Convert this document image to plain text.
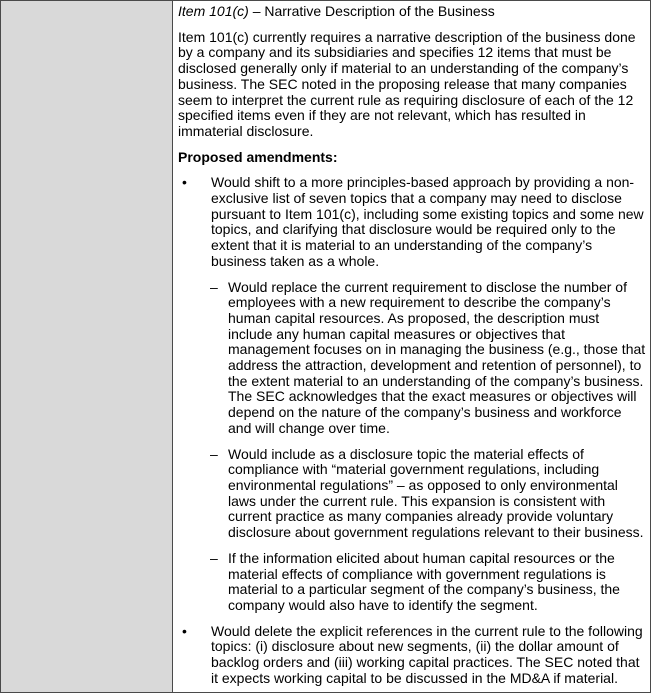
Item 101(c) – Narrative Description of the Business

Item 101(c) currently requires a narrative description of the business done by a company and its subsidiaries and specifies 12 items that must be disclosed generally only if material to an understanding of the company’s business. The SEC noted in the proposing release that many companies seem to interpret the current rule as requiring disclosure of each of the 12 specified items even if they are not relevant, which has resulted in immaterial disclosure.

Proposed amendments:

• Would shift to a more principles-based approach by providing a non-exclusive list of seven topics that a company may need to disclose pursuant to Item 101(c), including some existing topics and some new topics, and clarifying that disclosure would be required only to the extent that it is material to an understanding of the company’s business taken as a whole.
– Would replace the current requirement to disclose the number of employees with a new requirement to describe the company’s human capital resources. As proposed, the description must include any human capital measures or objectives that management focuses on in managing the business (e.g., those that address the attraction, development and retention of personnel), to the extent material to an understanding of the company’s business. The SEC acknowledges that the exact measures or objectives will depend on the nature of the company’s business and workforce and will change over time.
– Would include as a disclosure topic the material effects of compliance with “material government regulations, including environmental regulations” – as opposed to only environmental laws under the current rule. This expansion is consistent with current practice as many companies already provide voluntary disclosure about government regulations relevant to their business.
– If the information elicited about human capital resources or the material effects of compliance with government regulations is material to a particular segment of the company’s business, the company would also have to identify the segment.
• Would delete the explicit references in the current rule to the following topics: (i) disclosure about new segments, (ii) the dollar amount of backlog orders and (iii) working capital practices. The SEC noted that it expects working capital to be discussed in the MD&A if material.
